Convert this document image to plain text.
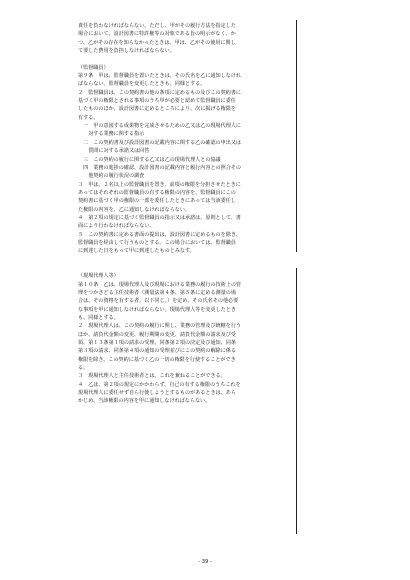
責任を負わなければならない。ただし、甲がその履行方法を指定した

場合において、設計図書に特許権等の対象である旨の明示がなく、か

つ、乙がその存在を知らなかったときは、甲は、乙がその使用に関し

て要した費用を負担しなければならない。

（監督職員）

第９条　甲は、監督職員を置いたときは、その氏名を乙に通知しなけれ

ばならない。監督職員を変更したときも、同様とする。

２　監督職員は、この契約書の他の条項に定めるもの及びこの契約書に

基づく甲の権限とされる事項のうち甲が必要と認めて監督職員に委任

したもののほか、設計図書に定めるところにより、次に掲げる権限を

有する。

　一　甲の意図する成果物を完成させるための乙又は乙の現場代理人に

　　対する業務に関する指示

　二　この契約書及び設計図書の記載内容に関する乙の確認の申出又は

　　質問に対する承諾又は回答

　三　この契約の履行に関する乙又は乙の現場代理人との協議

　四　業務の進捗の確認、設計図書の記載内容と履行内容との照合その

　　他契約の履行状況の調査

３　甲は、２名以上の監督職員を置き、前項の権限を分担させたときに

あってはそれぞれの監督職員の有する権限の内容を、監督職員にこの

契約書に基づく甲の権限の一部を委任したときにあっては当該委任し

た権限の内容を、乙に通知しなければならない。

４　第２項の規定に基づく監督職員の指示又は承諾は、原則として、書

面により行わなければならない。

５　この契約書に定める書面の提出は、設計図書に定めるものを除き、

監督職員を経由して行うものとする。この場合においては、監督職員

に到達した日をもって甲に到達したものとみなす。

（現場代理人等）

第１０条　乙は、現場代理人及び現場における業務の履行の技術上の管

理をつかさどる主任技術者（測量法第４条、第５条に定める測量の場

合は、その資格を有する者。以下同じ。）を定め、その氏名その他必要

な事項を甲に通知しなければならない。現場代理人等を変更したとき

も、同様とする。

２　現場代理人は、この契約の履行に関し、業務の管理及び統轄を行う

ほか、請負代金額の変更、履行期間の変更、請負代金額の請求及び受

領、第１３条第１項の請求の受理、同条第２項の決定及び通知、同条

第３項の請求、同条第４項の通知の受理並びにこの契約の解除に係る

権限を除き、この契約に基づく乙の一切の権限を行使することができ

る。

３　現場代理人と主任技術者とは、これを兼ねることができる。

４　乙は、第２項の規定にかかわらず、自己の有する権限のうちこれを

現場代理人に委任せず自ら行使しようとするものがあるときは、あら

かじめ、当該権限の内容を甲に通知しなければならない。

- 39 -
